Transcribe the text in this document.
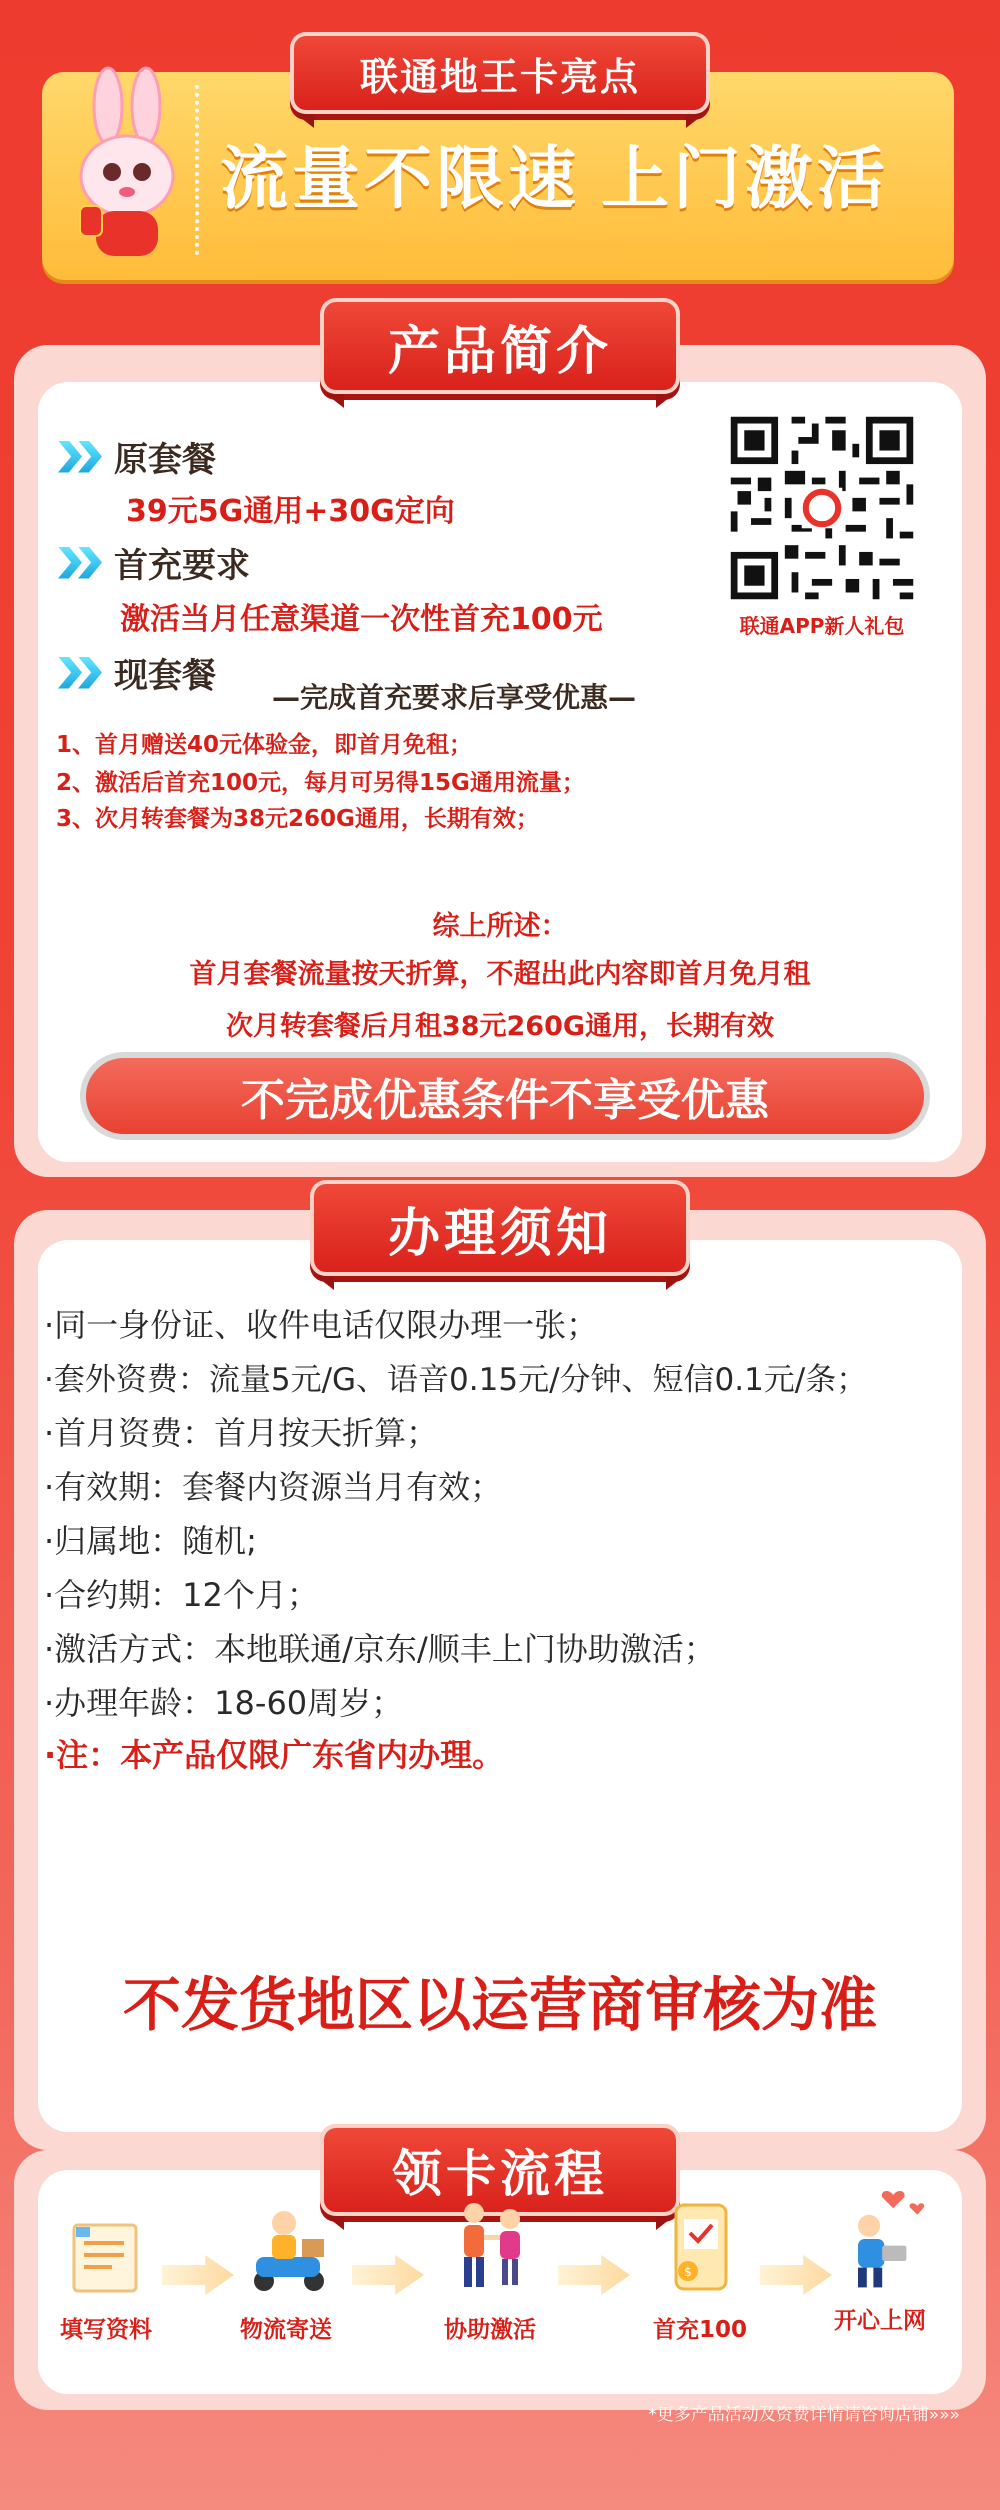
流量不限速 上门激活
联通地王卡亮点
产品简介
原套餐
39元5G通用+30G定向
首充要求
激活当月任意渠道一次性首充100元
现套餐
—完成首充要求后享受优惠—
1、首月赠送40元体验金，即首月免租；
2、激活后首充100元，每月可另得15G通用流量；
3、次月转套餐为38元260G通用，长期有效；
综上所述：
首月套餐流量按天折算，不超出此内容即首月免月租
次月转套餐后月租38元260G通用，长期有效
不完成优惠条件不享受优惠
联通APP新人礼包
办理须知
·同一身份证、收件电话仅限办理一张；
·套外资费：流量5元/G、语音0.15元/分钟、短信0.1元/条；
·首月资费：首月按天折算；
·有效期：套餐内资源当月有效；
·归属地：随机;
·合约期：12个月；
·激活方式：本地联通/京东/顺丰上门协助激活；
·办理年龄：18-60周岁；
·注：本产品仅限广东省内办理。
不发货地区以运营商审核为准
领卡流程
填写资料	物流寄送	协助激活
$
首充100	开心上网
*更多产品活动及资费详情请咨询店铺»»»
